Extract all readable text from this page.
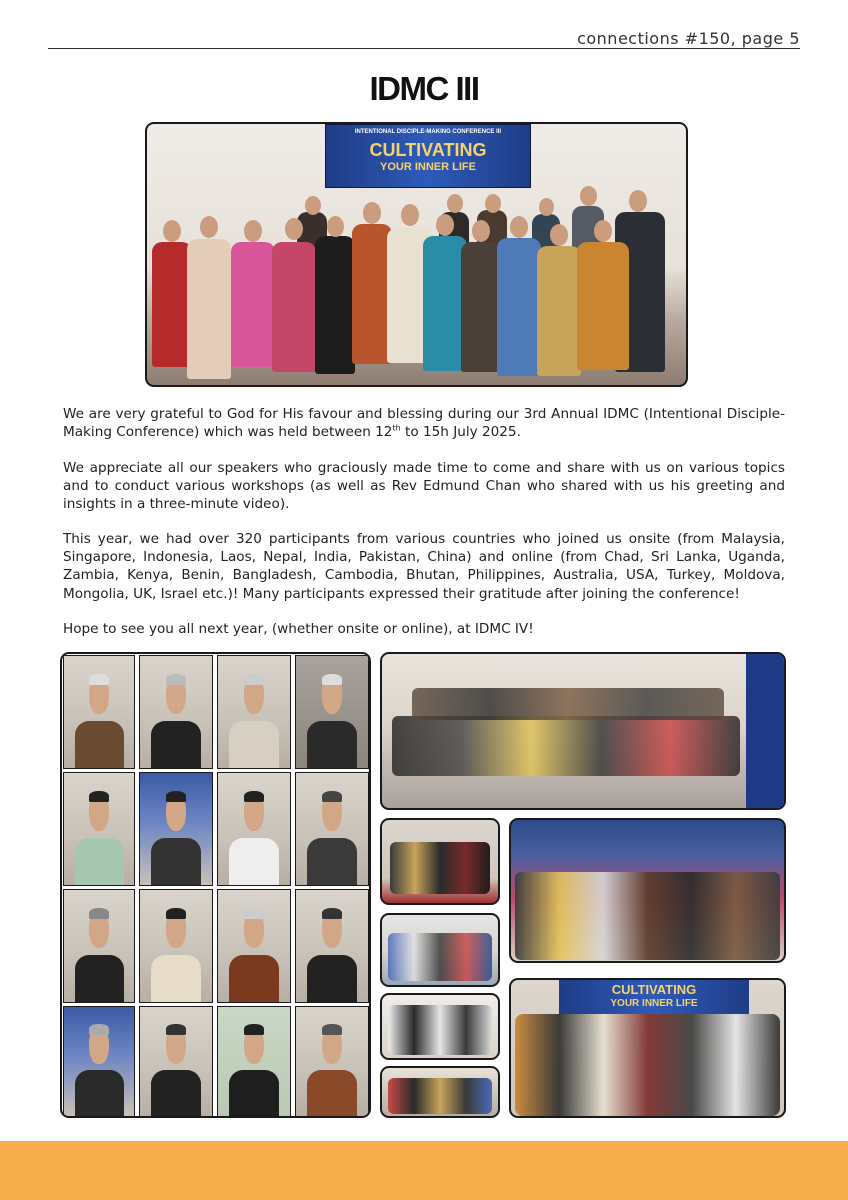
connections #150, page 5
IDMC III
INTENTIONAL DISCIPLE-MAKING CONFERENCE III
CULTIVATING
YOUR INNER LIFE
We are very grateful to God for His favour and blessing during our 3rd Annual IDMC (Intentional Disciple-Making Conference) which was held between 12th to 15h July 2025.
We appreciate all our speakers who graciously made time to come and share with us on various topics and to conduct various workshops (as well as Rev Edmund Chan who shared with us his greeting and insights in a three-minute video).
This year, we had over 320 participants from various countries who joined us onsite (from Malaysia, Singapore, Indonesia, Laos, Nepal, India, Pakistan, China) and online (from Chad, Sri Lanka, Uganda, Zambia, Kenya, Benin, Bangladesh, Cambodia, Bhutan, Philippines, Australia, USA, Turkey, Moldova, Mongolia, UK, Israel etc.)! Many participants expressed their gratitude after joining the conference!
Hope to see you all next year, (whether onsite or online), at IDMC IV!
CULTIVATING
YOUR INNER LIFE
